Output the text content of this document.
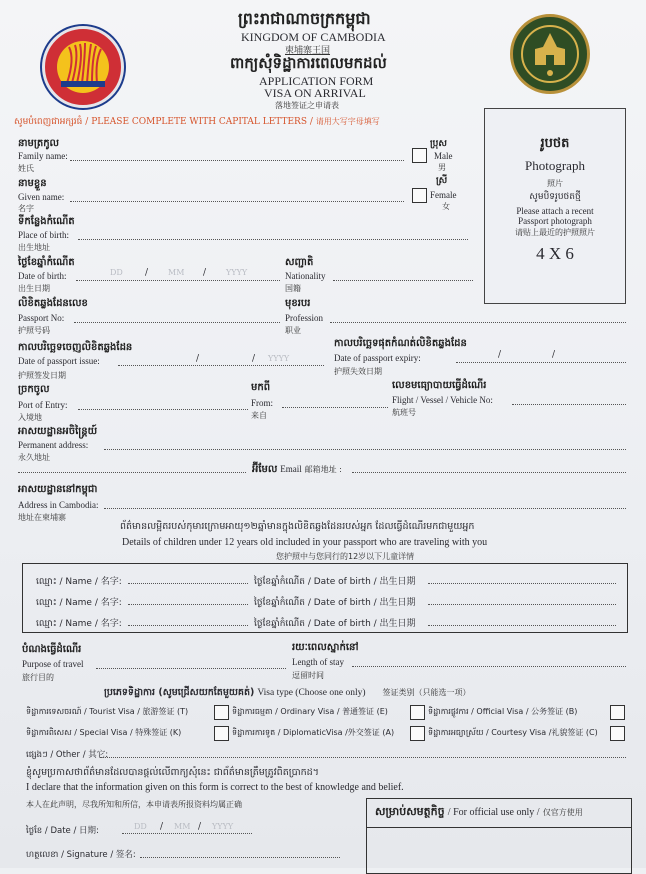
ព្រះរាជាណាចក្រកម្ពុជា
KINGDOM OF CAMBODIA
柬埔寨王国
ពាក្យសុំទិដ្ឋាការពេលមកដល់
APPLICATION FORM
VISA ON ARRIVAL
落地签证之申请表
សូមបំពេញជាអក្សរធំ / PLEASE COMPLETE WITH CAPITAL LETTERS / 请用大写字母填写
រូបថត
Photograph
照片
សូមបិទរូបថតថ្មី
Please attach a recent
Passport photograph
请贴上最近的护照照片
4 X 6
នាមត្រកូល
Family name:
姓氏
ប្រុស
Male
男
ស្រី
Female
女
នាមខ្លួន
Given name:
名字
ទីកន្លែងកំណើត
Place of birth:
出生地址
ថ្ងៃខែឆ្នាំកំណើត
Date of birth:
出生日期
DD / MM / YYYY
សញ្ជាតិ
Nationality
国籍
លិខិតឆ្លងដែនលេខ
Passport No:
护照号码
មុខរបរ
Profession
职业
កាលបរិច្ឆេទចេញលិខិតឆ្លងដែន
Date of passport issue:
护照签发日期
/	/ YYYY
កាលបរិច្ឆេទផុតកំណត់លិខិតឆ្លងដែន
Date of passport expiry:
护照失效日期
/	/
ច្រកចូល
Port of Entry:
入境地
មកពី
From:
来自
លេខមធ្យោបាយធ្វើដំណើរ
Flight / Vessel / Vehicle No:
航班号
អាសយដ្ឋានអចិន្ត្រៃយ៍
Permanent address:
永久地址
អ៊ីមែល Email 邮箱地址 :
អាសយដ្ឋាននៅកម្ពុជា
Address in Cambodia:
地址在柬埔寨
ព័ត៌មានលម្អិតរបស់កុមារក្រោមអាយុ១២ឆ្នាំមានក្នុងលិខិតឆ្លងដែនរបស់អ្នក ដែលធ្វើដំណើរមកជាមួយអ្នក
Details of children under 12 years old included in your passport who are traveling with you
您护照中与您同行的12岁以下儿童详情
ឈ្មោះ / Name / 名字:	ថ្ងៃខែឆ្នាំកំណើត / Date of birth / 出生日期
ឈ្មោះ / Name / 名字:	ថ្ងៃខែឆ្នាំកំណើត / Date of birth / 出生日期
ឈ្មោះ / Name / 名字:	ថ្ងៃខែឆ្នាំកំណើត / Date of birth / 出生日期
បំណងធ្វើដំណើរ
Purpose of travel
旅行目的
រយៈពេលស្នាក់នៅ
Length of stay
逗留时间
ប្រភេទទិដ្ឋាការ (សូមជ្រើសយកតែមួយគត់) Visa type (Choose one only) 签证类别（只能选一项）
ទិដ្ឋាការទេសចរណ៍ / Tourist Visa / 旅游签证 (T)	ទិដ្ឋាការធម្មតា / Ordinary Visa / 普通签证 (E)	ទិដ្ឋាការផ្លូវការ / Official Visa / 公务签证 (B)
ទិដ្ឋាការពិសេស / Special Visa / 特殊签证 (K)	ទិដ្ឋាការការទូត / DiplomaticVisa /外交签证 (A)	ទិដ្ឋាការអធ្យាស្រ័យ / Courtesy Visa /礼貌签证 (C)
ផ្សេងៗ / Other / 其它:
ខ្ញុំសូមប្រកាសថាព័ត៌មានដែលបានផ្ដល់លើពាក្យសុំនេះ ជាព័ត៌មានត្រឹមត្រូវពិតប្រាកដ។
I declare that the information given on this form is correct to the best of knowledge and belief.
本人在此声明，尽我所知和所信，本申请表所报资料均属正确
ថ្ងៃខែ / Date / 日期:	DD / MM / YYYY
ហត្ថលេខា / Signature / 签名:
សម្រាប់សមត្ថកិច្ច / For official use only / 仅官方使用
